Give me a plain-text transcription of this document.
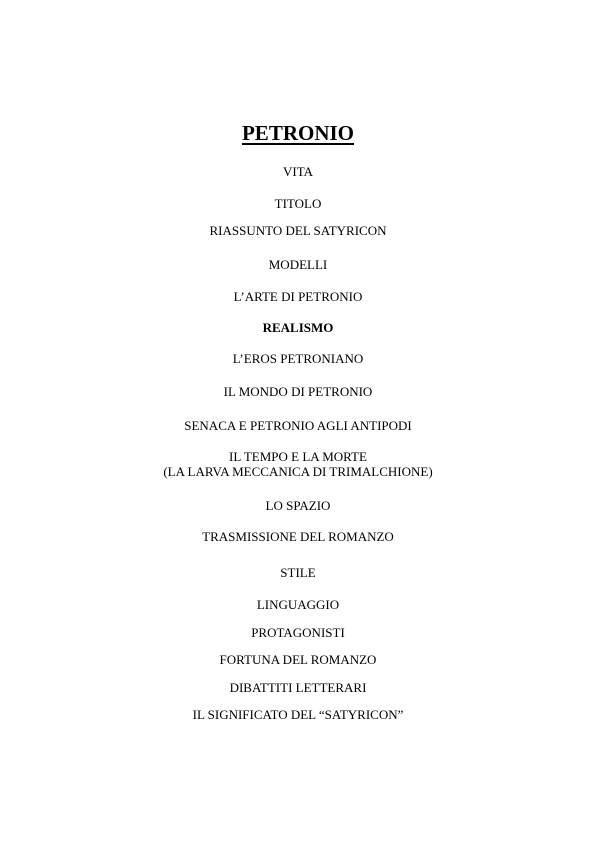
PETRONIO
VITA
TITOLO
RIASSUNTO DEL SATYRICON
MODELLI
L’ARTE DI PETRONIO
REALISMO
L’EROS PETRONIANO
IL MONDO DI PETRONIO
SENACA E PETRONIO AGLI ANTIPODI
IL TEMPO E LA MORTE
(LA LARVA MECCANICA DI TRIMALCHIONE)
LO SPAZIO
TRASMISSIONE DEL ROMANZO
STILE
LINGUAGGIO
PROTAGONISTI
FORTUNA DEL ROMANZO
DIBATTITI LETTERARI
IL SIGNIFICATO DEL “SATYRICON”
